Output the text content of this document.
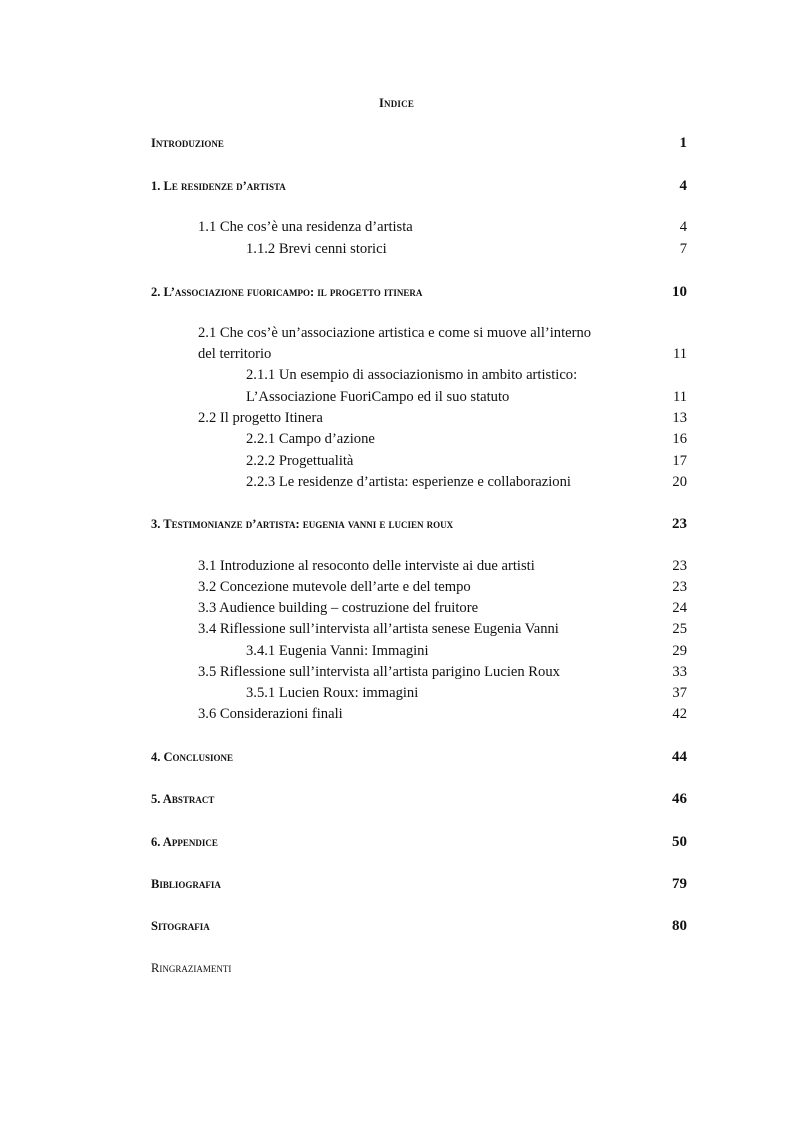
Indice
Introduzione	1
1. Le residenze d’artista	4
1.1 Che cos’è una residenza d’artista	4
1.1.2 Brevi cenni storici	7
2. L’associazione fuoricampo: il progetto itinera	10
2.1 Che cos’è un’associazione artistica e come si muove all’interno
del territorio	11
2.1.1 Un esempio di associazionismo in ambito artistico:
L’Associazione FuoriCampo ed il suo statuto	11
2.2 Il progetto Itinera	13
2.2.1 Campo d’azione	16
2.2.2 Progettualità	17
2.2.3 Le residenze d’artista: esperienze e collaborazioni	20
3. Testimonianze d’artista: eugenia vanni e lucien roux	23
3.1 Introduzione al resoconto delle interviste ai due artisti	23
3.2 Concezione mutevole dell’arte e del tempo	23
3.3 Audience building – costruzione del fruitore	24
3.4 Riflessione sull’intervista all’artista senese Eugenia Vanni	25
3.4.1 Eugenia Vanni: Immagini	29
3.5 Riflessione sull’intervista all’artista parigino Lucien Roux	33
3.5.1 Lucien Roux: immagini	37
3.6 Considerazioni finali	42
4. Conclusione	44
5. Abstract	46
6. Appendice	50
Bibliografia	79
Sitografia	80
Ringraziamenti
